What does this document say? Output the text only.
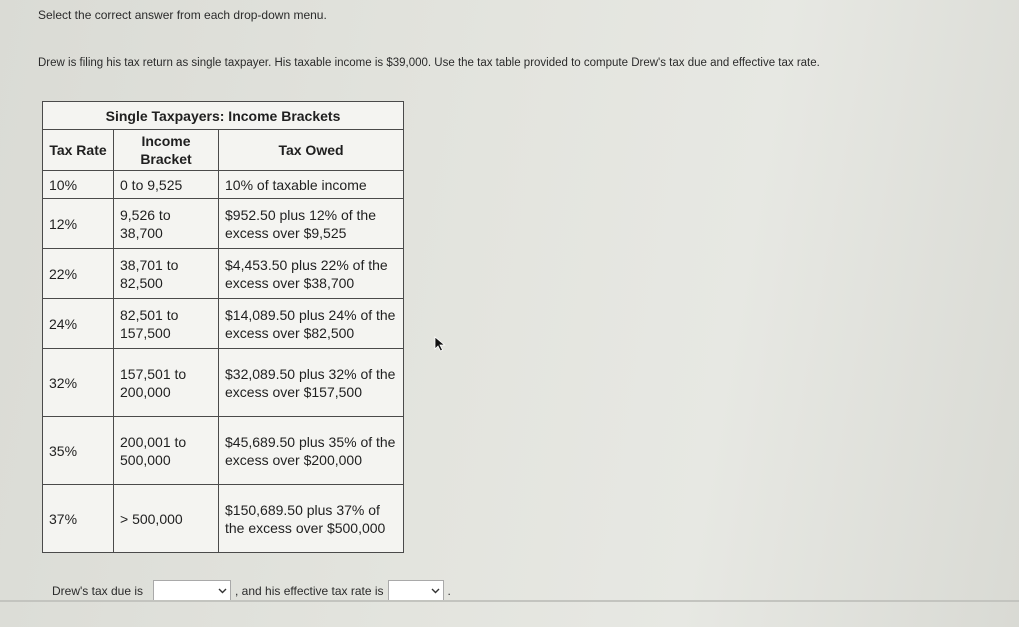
Select the correct answer from each drop-down menu.
Drew is filing his tax return as single taxpayer. His taxable income is $39,000. Use the tax table provided to compute Drew's tax due and effective tax rate.
Single Taxpayers: Income Brackets
Tax Rate	Income Bracket	Tax Owed
10%	0 to 9,525	10% of taxable income
12%	9,526 to 38,700	$952.50 plus 12% of the excess over $9,525
22%	38,701 to 82,500	$4,453.50 plus 22% of the excess over $38,700
24%	82,501 to 157,500	$14,089.50 plus 24% of the excess over $82,500
32%	157,501 to 200,000	$32,089.50 plus 32% of the excess over $157,500
35%	200,001 to 500,000	$45,689.50 plus 35% of the excess over $200,000
37%	> 500,000	$150,689.50 plus 37% of the excess over $500,000
Drew's tax due is	, and his effective tax rate is	.
